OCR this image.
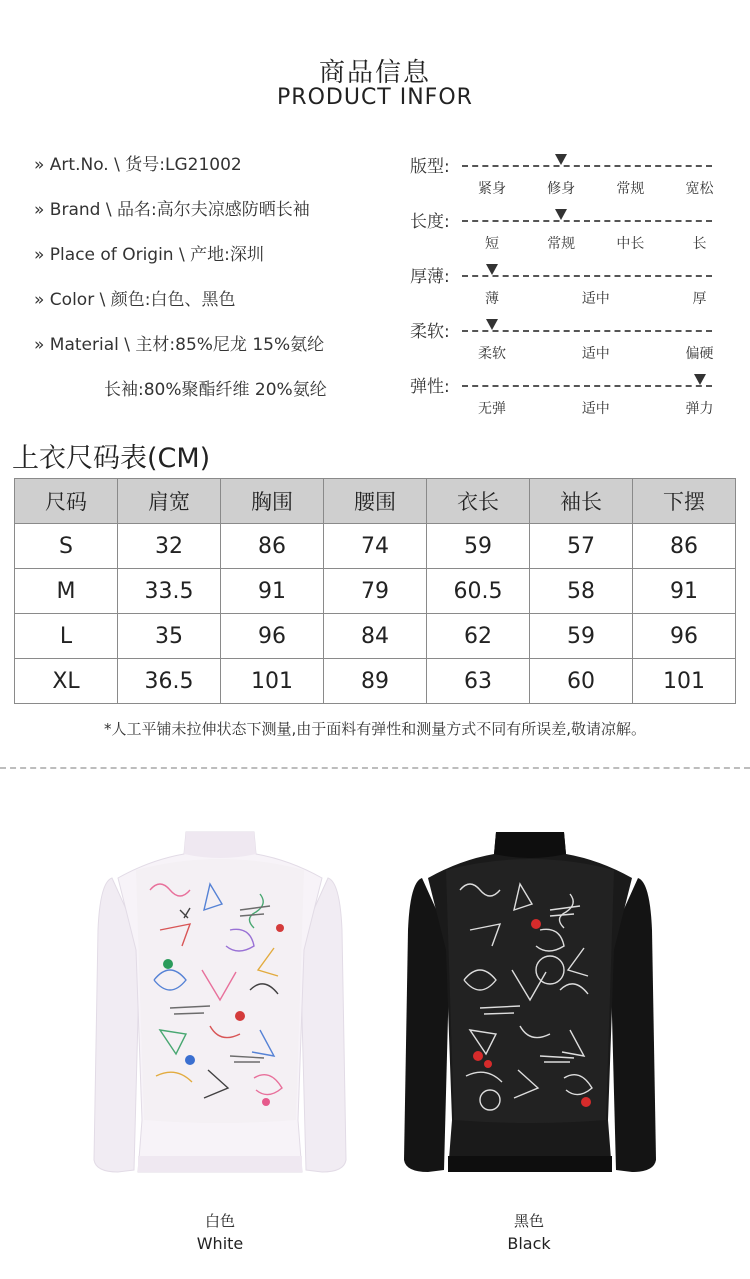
商品信息
PRODUCT INFOR
» Art.No. \ 货号:LG21002
» Brand \ 品名:高尔夫凉感防晒长袖
» Place of Origin \ 产地:深圳
» Color \ 颜色:白色、黑色
» Material \ 主材:85%尼龙 15%氨纶
长袖:80%聚酯纤维 20%氨纶
版型:
紧身	修身	常规	宽松
长度:
短	常规	中长	长
厚薄:
薄	适中	厚
柔软:
柔软	适中	偏硬
弹性:
无弹	适中	弹力
上衣尺码表(CM)
尺码	肩宽	胸围	腰围	衣长	袖长	下摆
S	32	86	74	59	57	86
M	33.5	91	79	60.5	58	91
L	35	96	84	62	59	96
XL	36.5	101	89	63	60	101
*人工平铺未拉伸状态下测量,由于面料有弹性和测量方式不同有所误差,敬请凉解。
白色
White
黑色
Black
